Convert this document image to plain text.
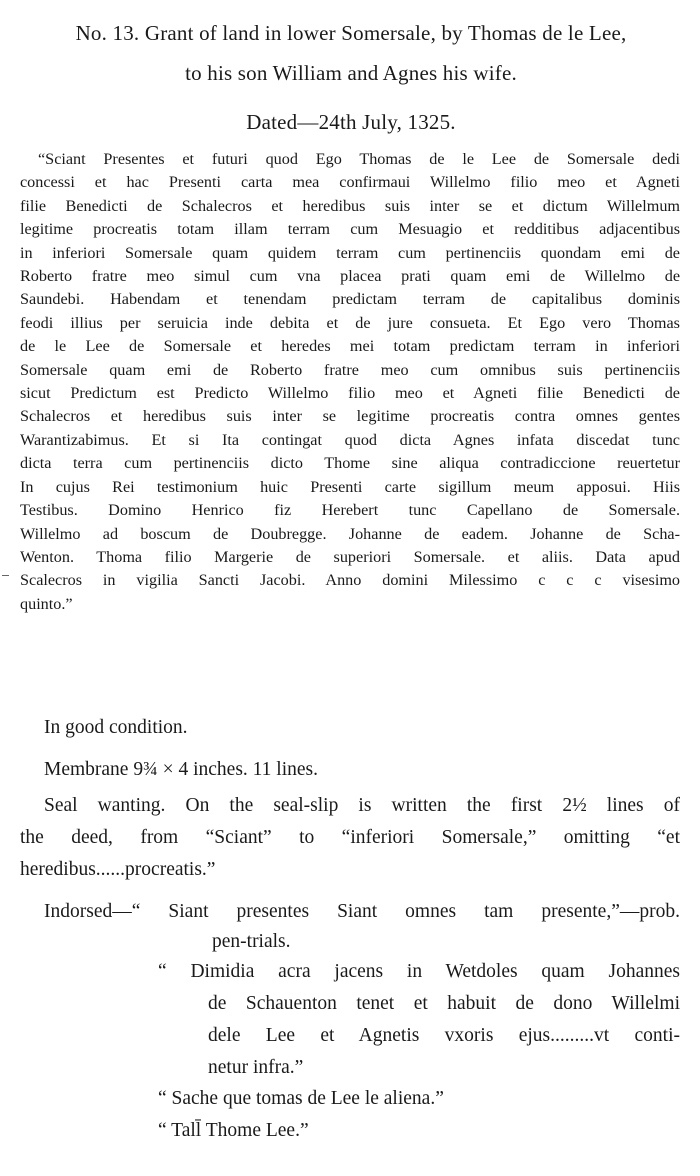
No. 13. Grant of land in lower Somersale, by Thomas de le Lee,
to his son William and Agnes his wife.
Dated—24th July, 1325.
“Sciant Presentes et futuri quod Ego Thomas de le Lee de Somersale dedi
concessi et hac Presenti carta mea confirmaui Willelmo filio meo et Agneti
filie Benedicti de Schalecros et heredibus suis inter se et dictum Willelmum
legitime procreatis totam illam terram cum Mesuagio et redditibus adjacentibus
in inferiori Somersale quam quidem terram cum pertinenciis quondam emi de
Roberto fratre meo simul cum vna placea prati quam emi de Willelmo de
Saundebi. Habendam et tenendam predictam terram de capitalibus dominis
feodi illius per seruicia inde debita et de jure consueta. Et Ego vero Thomas
de le Lee de Somersale et heredes mei totam predictam terram in inferiori
Somersale quam emi de Roberto fratre meo cum omnibus suis pertinenciis
sicut Predictum est Predicto Willelmo filio meo et Agneti filie Benedicti de
Schalecros et heredibus suis inter se legitime procreatis contra omnes gentes
Warantizabimus. Et si Ita contingat quod dicta Agnes infata discedat tunc
dicta terra cum pertinenciis dicto Thome sine aliqua contradiccione reuertetur
In cujus Rei testimonium huic Presenti carte sigillum meum apposui. Hiis
Testibus. Domino Henrico fiz Herebert tunc Capellano de Somersale.
Willelmo ad boscum de Doubregge. Johanne de eadem. Johanne de Scha-
Wenton. Thoma filio Margerie de superiori Somersale. et aliis. Data apud
Scalecros in vigilia Sancti Jacobi. Anno domini Milessimo c c c visesimo
quinto.”
In good condition.
Membrane 9¾ × 4 inches. 11 lines.
Seal wanting. On the seal-slip is written the first 2½ lines of
the deed, from “Sciant” to “inferiori Somersale,” omitting “et
heredibus......procreatis.”
Indorsed—“ Siant presentes Siant omnes tam presente,”—prob.
pen-trials.
“ Dimidia acra jacens in Wetdoles quam Johannes
de Schauenton tenet et habuit de dono Willelmi
dele Lee et Agnetis vxoris ejus.........vt conti-
netur infra.”
“ Sache que tomas de Lee le aliena.”
“ Tall̄ Thome Lee.”
